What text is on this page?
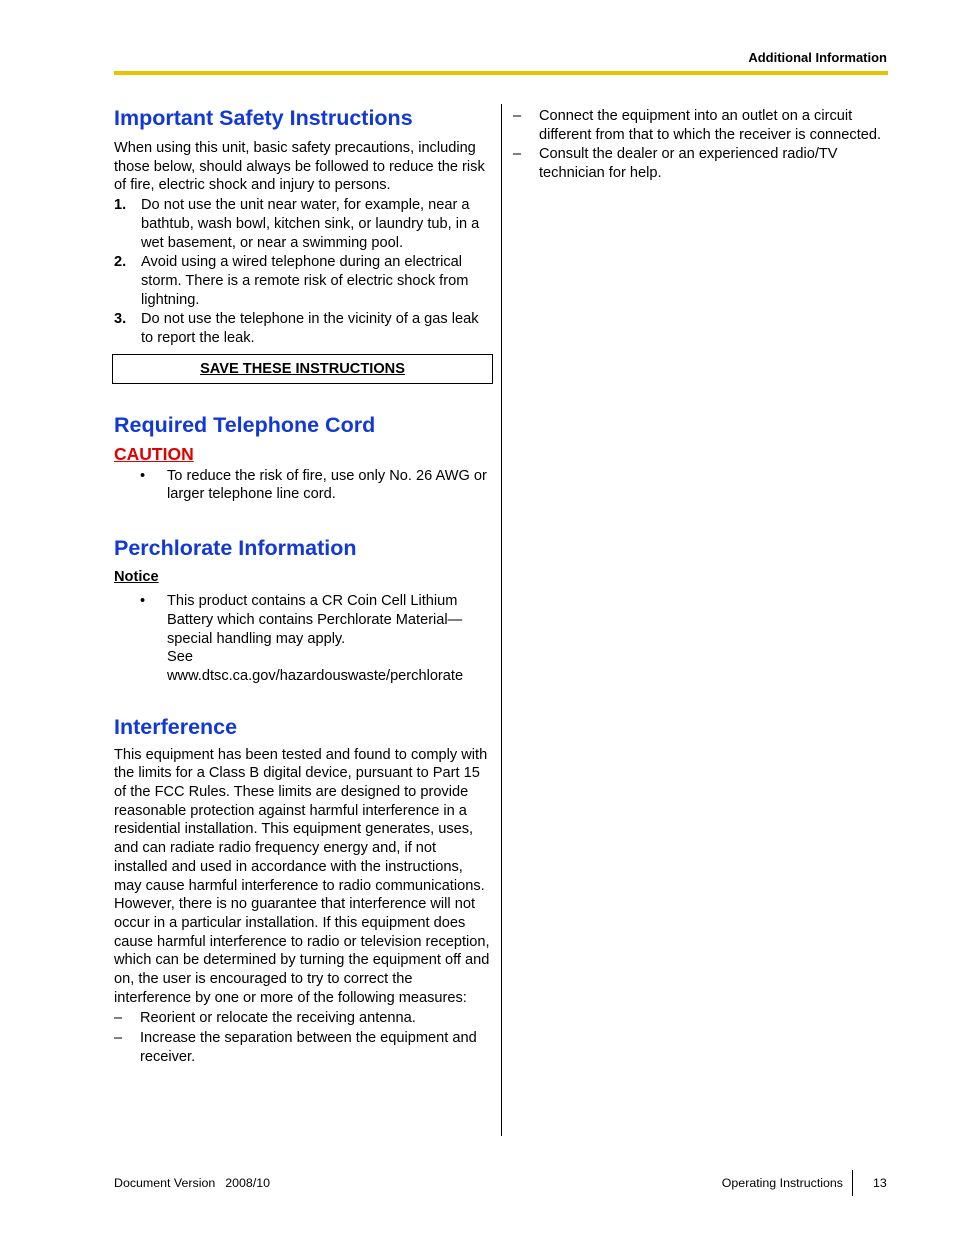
Additional Information
Important Safety Instructions

When using this unit, basic safety precautions, including those below, should always be followed to reduce the risk of fire, electric shock and injury to persons.

1.	Do not use the unit near water, for example, near a bathtub, wash bowl, kitchen sink, or laundry tub, in a wet basement, or near a swimming pool.
2.	Avoid using a wired telephone during an electrical storm. There is a remote risk of electric shock from lightning.
3.	Do not use the telephone in the vicinity of a gas leak to report the leak.
SAVE THESE INSTRUCTIONS
Required Telephone Cord
CAUTION
•	To reduce the risk of fire, use only No. 26 AWG or larger telephone line cord.
Perchlorate Information
Notice
•	This product contains a CR Coin Cell Lithium Battery which contains Perchlorate Material—special handling may apply.
See
www.dtsc.ca.gov/hazardouswaste/perchlorate
Interference

This equipment has been tested and found to comply with the limits for a Class B digital device, pursuant to Part 15 of the FCC Rules. These limits are designed to provide reasonable protection against harmful interference in a residential installation. This equipment generates, uses, and can radiate radio frequency energy and, if not installed and used in accordance with the instructions, may cause harmful interference to radio communications. However, there is no guarantee that interference will not occur in a particular installation. If this equipment does cause harmful interference to radio or television reception, which can be determined by turning the equipment off and on, the user is encouraged to try to correct the interference by one or more of the following measures:

–	Reorient or relocate the receiving antenna.
–	Increase the separation between the equipment and receiver.
–	Connect the equipment into an outlet on a circuit different from that to which the receiver is connected.
–	Consult the dealer or an experienced radio/TV technician for help.
Document Version 2008/10	Operating Instructions 13
